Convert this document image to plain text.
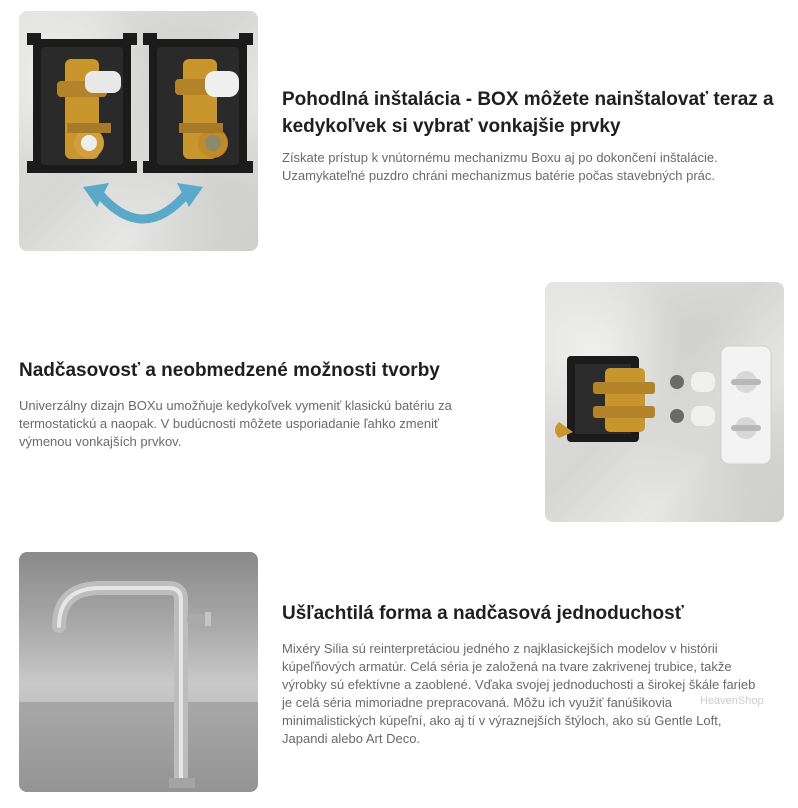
Pohodlná inštalácia - BOX môžete nainštalovať teraz a kedykoľvek si vybrať vonkajšie prvky
Získate prístup k vnútornému mechanizmu Boxu aj po dokončení inštalácie. Uzamykateľné puzdro chráni mechanizmus batérie počas stavebných prác.
Nadčasovosť a neobmedzené možnosti tvorby
Univerzálny dizajn BOXu umožňuje kedykoľvek vymeniť klasickú batériu za termostatickú a naopak. V budúcnosti môžete usporiadanie ľahko zmeniť výmenou vonkajších prvkov.
Ušľachtilá forma a nadčasová jednoduchosť
Mixéry Silia sú reinterpretáciou jedného z najklasickejších modelov v histórii kúpeľňových armatúr. Celá séria je založená na tvare zakrivenej trubice, takže výrobky sú efektívne a zaoblené. Vďaka svojej jednoduchosti a širokej škále farieb je celá séria mimoriadne prepracovaná. Môžu ich využiť fanúšikovia minimalistických kúpeľní, ako aj tí v výraznejších štýloch, ako sú Gentle Loft, Japandi alebo Art Deco.
HeavenShop
